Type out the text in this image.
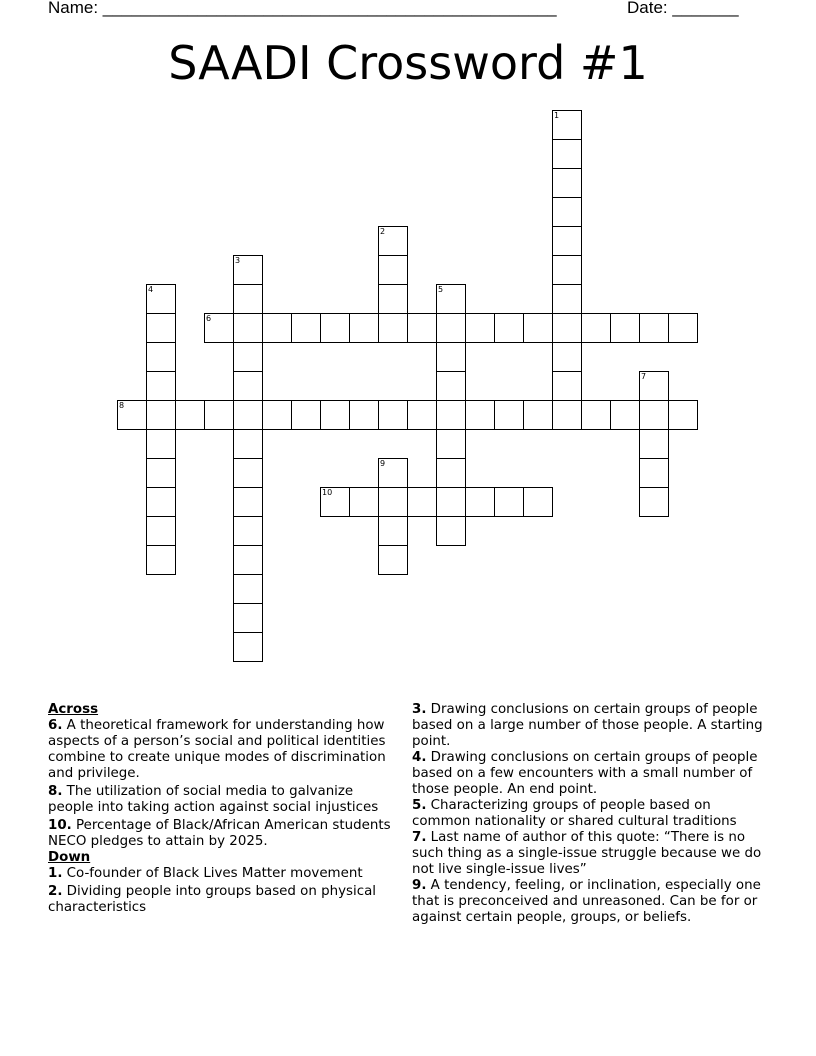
Name: ________________________________________________	Date: _______
SAADI Crossword #1
1
2
3
4	5
6
7
8
9
10
Across
6. A theoretical framework for understanding how aspects of a person’s social and political identities combine to create unique modes of discrimination and privilege.
8. The utilization of social media to galvanize people into taking action against social injustices
10. Percentage of Black/African American students NECO pledges to attain by 2025.
Down
1. Co-founder of Black Lives Matter movement
2. Dividing people into groups based on physical characteristics
3. Drawing conclusions on certain groups of people based on a large number of those people. A starting point.
4. Drawing conclusions on certain groups of people based on a few encounters with a small number of those people. An end point.
5. Characterizing groups of people based on common nationality or shared cultural traditions
7. Last name of author of this quote: “There is no such thing as a single-issue struggle because we do not live single-issue lives”
9. A tendency, feeling, or inclination, especially one that is preconceived and unreasoned. Can be for or against certain people, groups, or beliefs.
